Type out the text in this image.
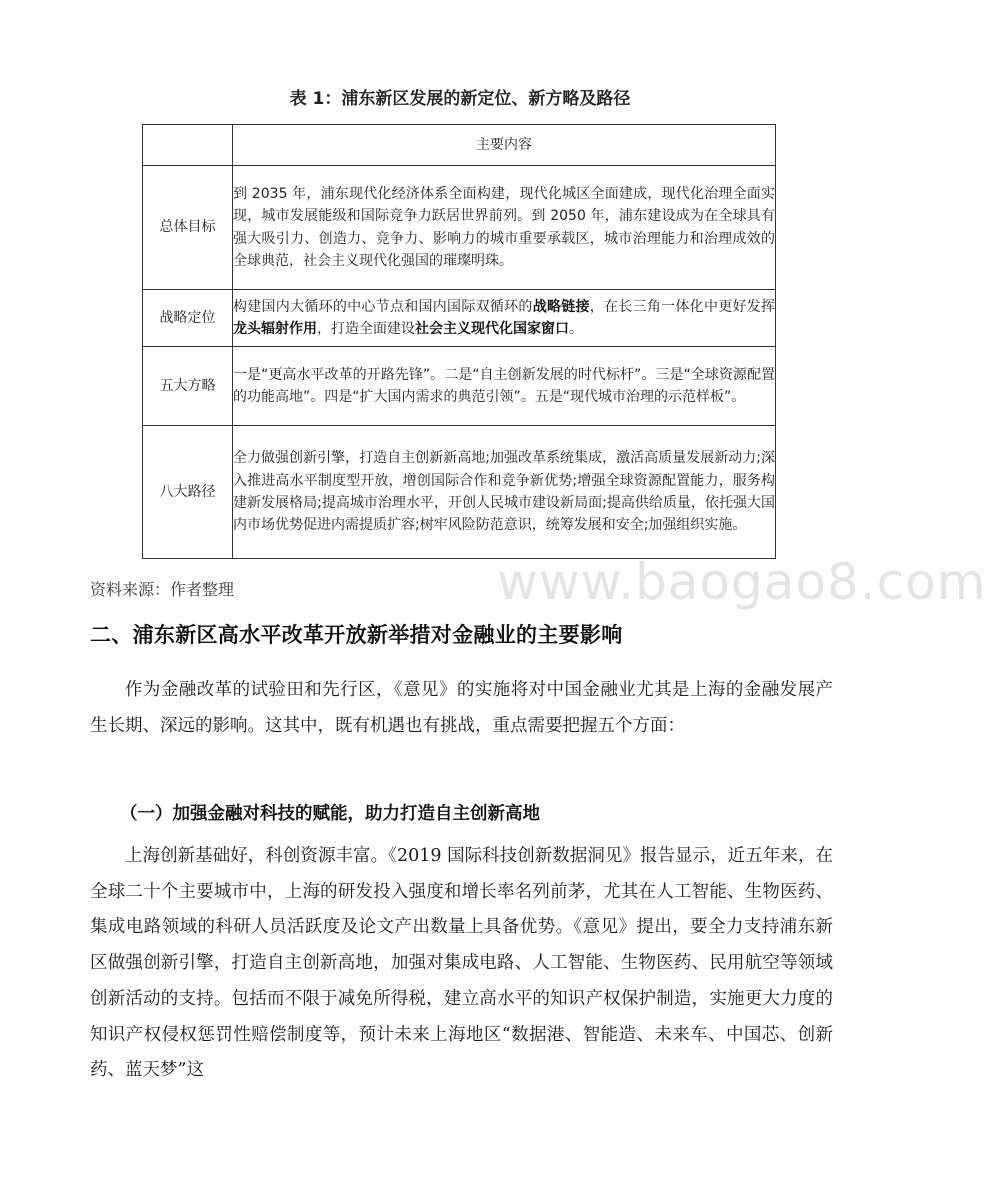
www.baogao8.com
表 1：浦东新区发展的新定位、新方略及路径
	主要内容
总体目标	到 2035 年，浦东现代化经济体系全面构建，现代化城区全面建成，现代化治理全面实现，城市发展能级和国际竞争力跃居世界前列。到 2050 年，浦东建设成为在全球具有强大吸引力、创造力、竞争力、影响力的城市重要承载区，城市治理能力和治理成效的全球典范，社会主义现代化强国的璀璨明珠。
战略定位	构建国内大循环的中心节点和国内国际双循环的战略链接，在长三角一体化中更好发挥龙头辐射作用，打造全面建设社会主义现代化国家窗口。
五大方略	一是“更高水平改革的开路先锋”。二是“自主创新发展的时代标杆”。三是“全球资源配置的功能高地”。四是“扩大国内需求的典范引领”。五是“现代城市治理的示范样板”。
八大路径	全力做强创新引擎，打造自主创新新高地;加强改革系统集成，激活高质量发展新动力;深入推进高水平制度型开放，增创国际合作和竞争新优势;增强全球资源配置能力，服务构建新发展格局;提高城市治理水平，开创人民城市建设新局面;提高供给质量，依托强大国内市场优势促进内需提质扩容;树牢风险防范意识，统筹发展和安全;加强组织实施。
资料来源：作者整理
二、浦东新区高水平改革开放新举措对金融业的主要影响

作为金融改革的试验田和先行区，《意见》的实施将对中国金融业尤其是上海的金融发展产生长期、深远的影响。这其中，既有机遇也有挑战，重点需要把握五个方面：

（一）加强金融对科技的赋能，助力打造自主创新高地

上海创新基础好，科创资源丰富。《2019 国际科技创新数据洞见》报告显示，近五年来，在全球二十个主要城市中，上海的研发投入强度和增长率名列前茅，尤其在人工智能、生物医药、集成电路领域的科研人员活跃度及论文产出数量上具备优势。《意见》提出，要全力支持浦东新区做强创新引擎，打造自主创新高地，加强对集成电路、人工智能、生物医药、民用航空等领域创新活动的支持。包括而不限于减免所得税，建立高水平的知识产权保护制造，实施更大力度的知识产权侵权惩罚性赔偿制度等，预计未来上海地区“数据港、智能造、未来车、中国芯、创新药、蓝天梦”这
